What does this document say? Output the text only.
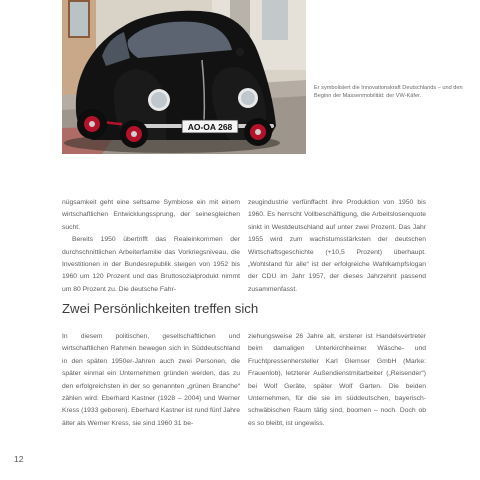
AO-OA 268
Er symbolisiert die Innovationskraft Deutschlands – und den Beginn der Massenmobilität: der VW-Käfer.

nügsamkeit geht eine seltsame Symbiose ein mit einem wirtschaftlichen Entwicklungssprung, der seinesgleichen sucht.

Bereits 1950 übertrifft das Realeinkommen der durchschnittlichen Arbeiterfamilie das Vorkriegsniveau, die Investitionen in der Bundesrepublik steigen von 1952 bis 1960 um 120 Prozent und das Bruttosozialprodukt nimmt um 80 Prozent zu. Die deutsche Fahr-

zeugindustrie verfünffacht ihre Produktion von 1950 bis 1960. Es herrscht Vollbeschäftigung, die Arbeitslosenquote sinkt in Westdeutschland auf unter zwei Prozent. Das Jahr 1955 wird zum wachstumsstärksten der deutschen Wirtschaftsgeschichte (+10,5 Prozent) überhaupt. „Wohlstand für alle“ ist der erfolgreiche Wahlkampfslogan der CDU im Jahr 1957, der dieses Jahrzehnt passend zusammenfasst.

Zwei Persönlichkeiten treffen sich

In diesem politischen, gesellschaftlichen und wirtschaftlichen Rahmen bewegen sich in Süddeutschland in den späten 1950er-Jahren auch zwei Personen, die später einmal ein Unternehmen gründen werden, das zu den erfolgreichsten in der so genannten „grünen Branche“ zählen wird: Eberhard Kastner (1928 – 2004) und Werner Kress (1933 geboren). Eberhard Kastner ist rund fünf Jahre älter als Werner Kress, sie sind 1960 31 be-

ziehungsweise 26 Jahre alt, ersterer ist Handelsvertreter beim damaligen Unterkirchheimer Wäsche- und Fruchtpressenhersteller Karl Glemser GmbH (Marke: Frauenlob), letzterer Außendienstmitarbeiter („Reisender“) bei Wolf Geräte, später Wolf Garten. Die beiden Unternehmen, für die sie im süddeutschen, bayerisch-schwäbischen Raum tätig sind, boomen – noch. Doch ob es so bleibt, ist ungewiss.

12
